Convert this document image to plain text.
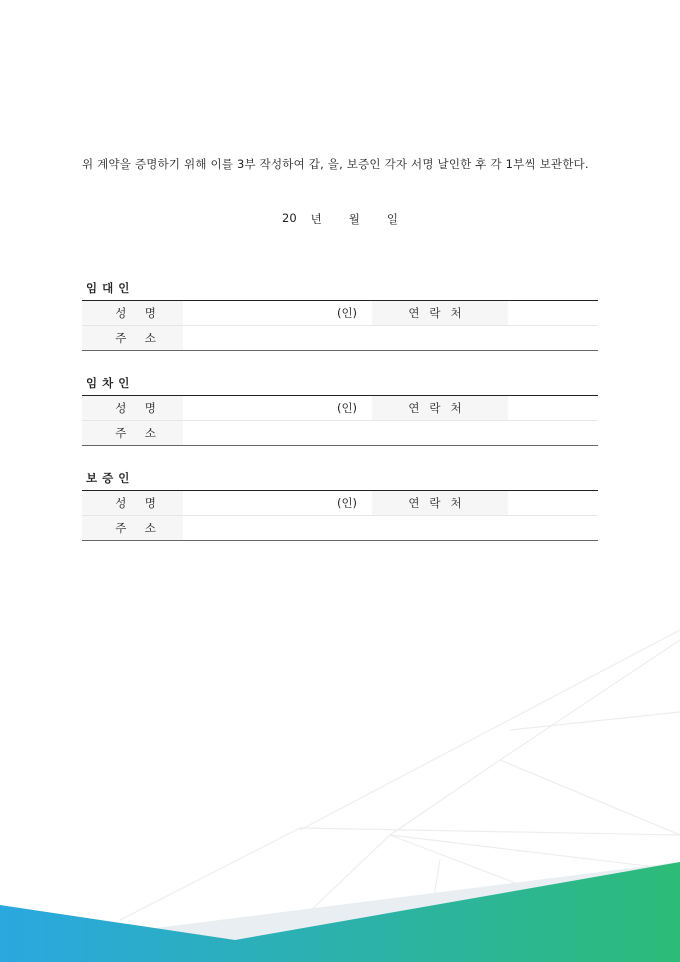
위 계약을 증명하기 위해 이를 3부 작성하여 갑, 을, 보증인 각자 서명 날인한 후 각 1부씩 보관한다.
20 년 월 일
임대인
성 명	(인)	연락처
주 소
임차인
성 명	(인)	연락처
주 소
보증인
성 명	(인)	연락처
주 소
